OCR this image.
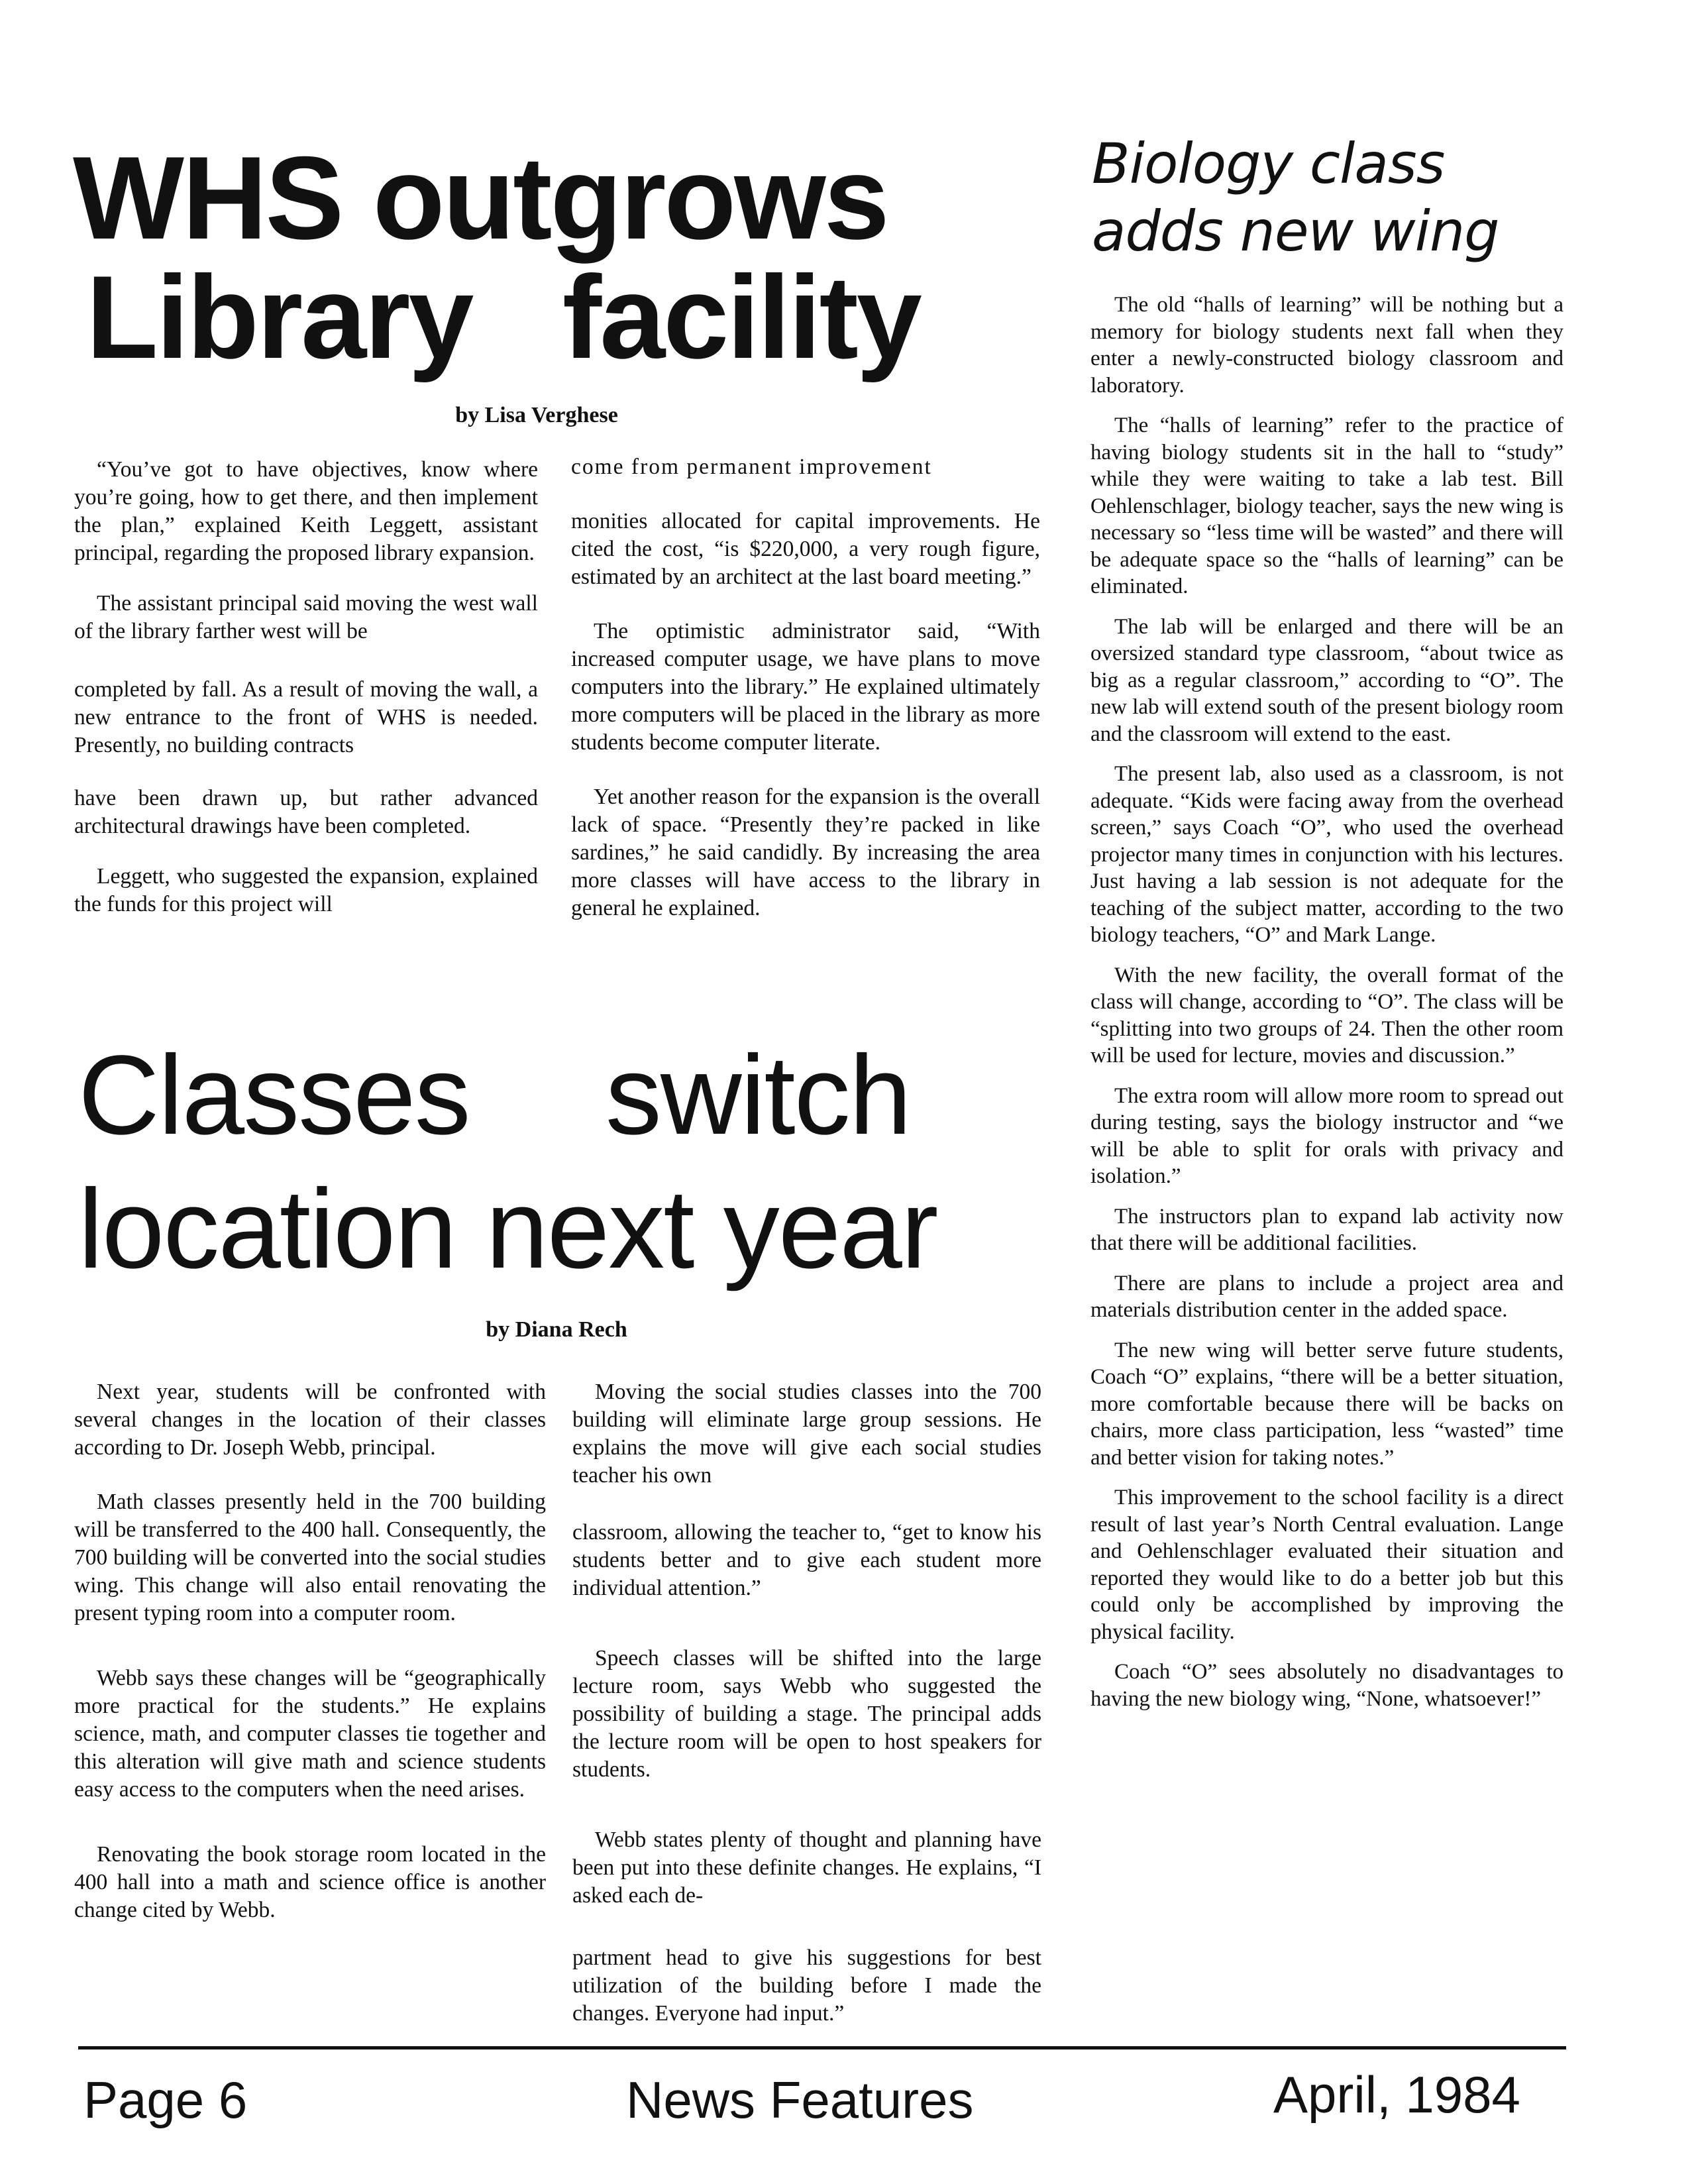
WHS outgrows
Library facility
by Lisa Verghese

“You’ve got to have objectives, know where you’re going, how to get there, and then implement the plan,” explained Keith Leggett, assistant principal, regarding the proposed library expansion.

The assistant principal said moving the west wall of the library farther west will be

completed by fall. As a result of moving the wall, a new entrance to the front of WHS is needed. Presently, no building contracts

have been drawn up, but rather advanced architectural drawings have been completed.

Leggett, who suggested the expansion, explained the funds for this project will

come from permanent improvement

monities allocated for capital improvements. He cited the cost, “is $220,000, a very rough figure, estimated by an architect at the last board meeting.”

The optimistic administrator said, “With increased computer usage, we have plans to move computers into the library.” He explained ultimately more computers will be placed in the library as more students become computer literate.

Yet another reason for the expansion is the overall lack of space. “Presently they’re packed in like sardines,” he said candidly. By increasing the area more classes will have access to the library in general he explained.

Classes switch
location next year
by Diana Rech

Next year, students will be confronted with several changes in the location of their classes according to Dr. Joseph Webb, principal.

Math classes presently held in the 700 building will be transferred to the 400 hall. Consequently, the 700 building will be converted into the social studies wing. This change will also entail renovating the present typing room into a computer room.

Webb says these changes will be “geographically more practical for the students.” He explains science, math, and computer classes tie together and this alteration will give math and science students easy access to the computers when the need arises.

Renovating the book storage room located in the 400 hall into a math and science office is another change cited by Webb.

Moving the social studies classes into the 700 building will eliminate large group sessions. He explains the move will give each social studies teacher his own

classroom, allowing the teacher to, “get to know his students better and to give each student more individual attention.”

Speech classes will be shifted into the large lecture room, says Webb who suggested the possibility of building a stage. The principal adds the lecture room will be open to host speakers for students.

Webb states plenty of thought and planning have been put into these definite changes. He explains, “I asked each de-

partment head to give his suggestions for best utilization of the building before I made the changes. Everyone had input.”

Biology class
adds new wing

The old “halls of learning” will be nothing but a memory for biology students next fall when they enter a newly-constructed biology classroom and laboratory.

The “halls of learning” refer to the practice of having biology students sit in the hall to “study” while they were waiting to take a lab test. Bill Oehlenschlager, biology teacher, says the new wing is necessary so “less time will be wasted” and there will be adequate space so the “halls of learning” can be eliminated.

The lab will be enlarged and there will be an oversized standard type classroom, “about twice as big as a regular classroom,” according to “O”. The new lab will extend south of the present biology room and the classroom will extend to the east.

The present lab, also used as a classroom, is not adequate. “Kids were facing away from the overhead screen,” says Coach “O”, who used the overhead projector many times in conjunction with his lectures. Just having a lab session is not adequate for the teaching of the subject matter, according to the two biology teachers, “O” and Mark Lange.

With the new facility, the overall format of the class will change, according to “O”. The class will be “splitting into two groups of 24. Then the other room will be used for lecture, movies and discussion.”

The extra room will allow more room to spread out during testing, says the biology instructor and “we will be able to split for orals with privacy and isolation.”

The instructors plan to expand lab activity now that there will be additional facilities.

There are plans to include a project area and materials distribution center in the added space.

The new wing will better serve future students, Coach “O” explains, “there will be a better situation, more comfortable because there will be backs on chairs, more class participation, less “wasted” time and better vision for taking notes.”

This improvement to the school facility is a direct result of last year’s North Central evaluation. Lange and Oehlenschlager evaluated their situation and reported they would like to do a better job but this could only be accomplished by improving the physical facility.

Coach “O” sees absolutely no disadvantages to having the new biology wing, “None, whatsoever!”

Page 6	News Features	April, 1984
